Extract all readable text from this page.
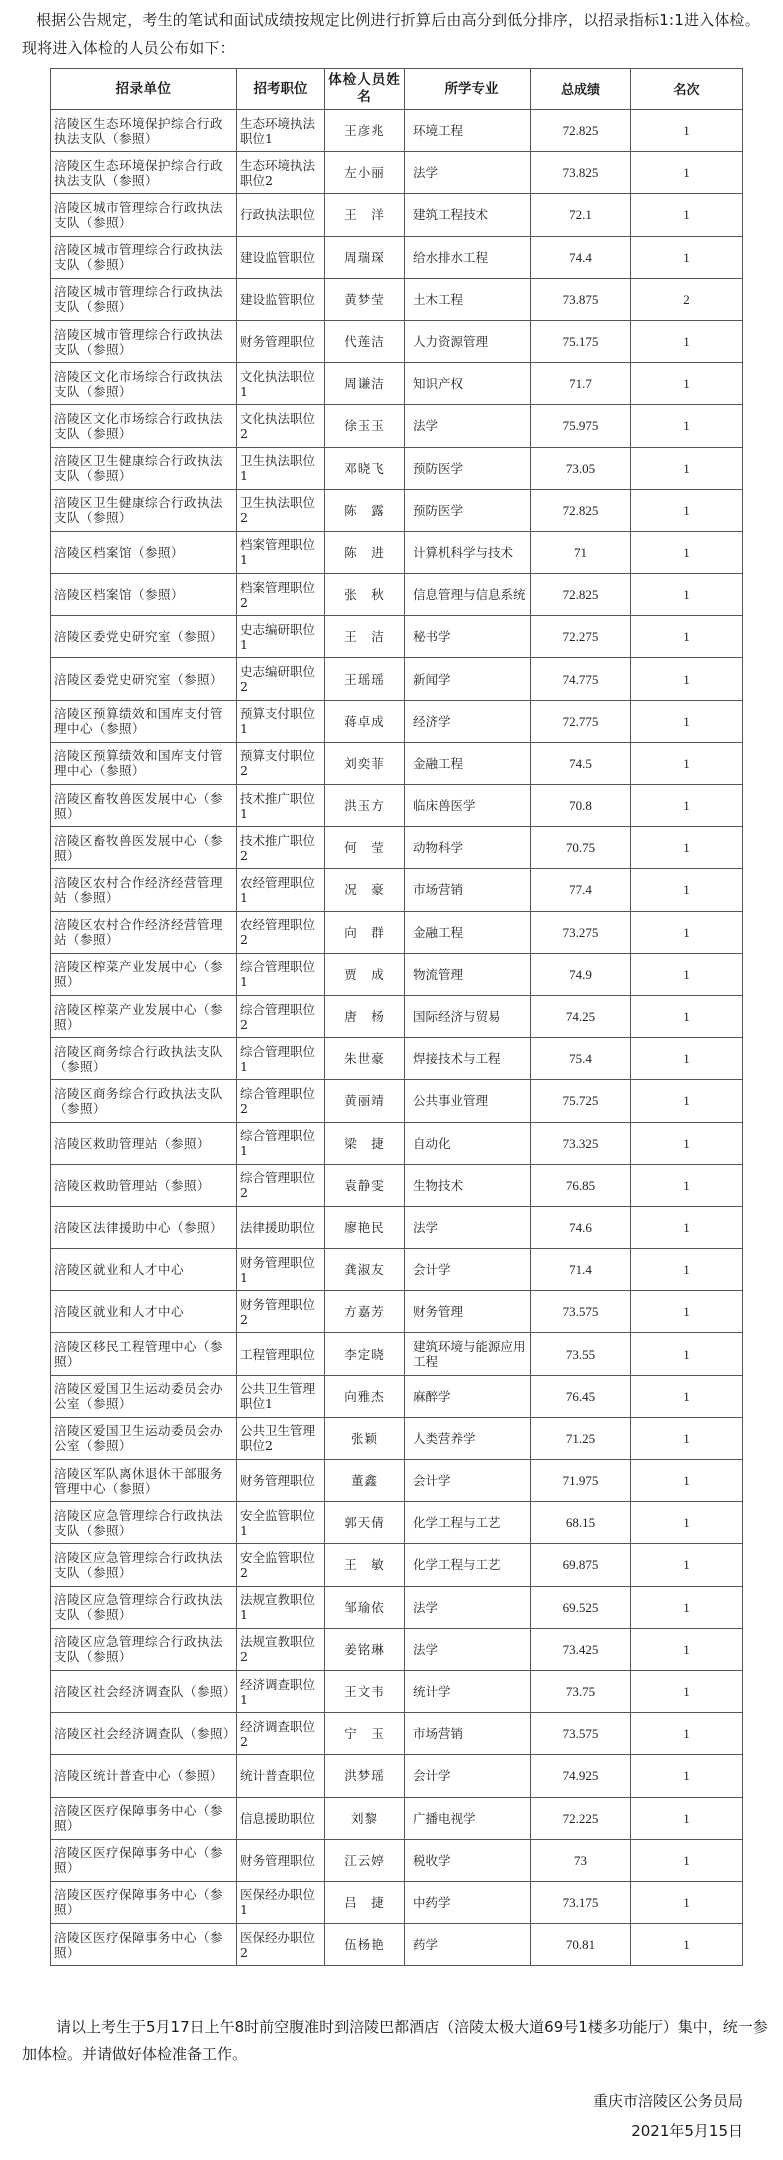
根据公告规定，考生的笔试和面试成绩按规定比例进行折算后由高分到低分排序，以招录指标1:1进入体检。现将进入体检的人员公布如下：

招录单位	招考职位	体检人员姓名	所学专业	总成绩	名次
涪陵区生态环境保护综合行政执法支队（参照）	生态环境执法职位1	王彦兆	环境工程	72.825	1
涪陵区生态环境保护综合行政执法支队（参照）	生态环境执法职位2	左小丽	法学	73.825	1
涪陵区城市管理综合行政执法支队（参照）	行政执法职位	王　洋	建筑工程技术	72.1	1
涪陵区城市管理综合行政执法支队（参照）	建设监管职位	周瑞琛	给水排水工程	74.4	1
涪陵区城市管理综合行政执法支队（参照）	建设监管职位	黄梦莹	土木工程	73.875	2
涪陵区城市管理综合行政执法支队（参照）	财务管理职位	代莲洁	人力资源管理	75.175	1
涪陵区文化市场综合行政执法支队（参照）	文化执法职位1	周谦洁	知识产权	71.7	1
涪陵区文化市场综合行政执法支队（参照）	文化执法职位2	徐玉玉	法学	75.975	1
涪陵区卫生健康综合行政执法支队（参照）	卫生执法职位1	邓晓飞	预防医学	73.05	1
涪陵区卫生健康综合行政执法支队（参照）	卫生执法职位2	陈　露	预防医学	72.825	1
涪陵区档案馆（参照）	档案管理职位1	陈　进	计算机科学与技术	71	1
涪陵区档案馆（参照）	档案管理职位2	张　秋	信息管理与信息系统	72.825	1
涪陵区委党史研究室（参照）	史志编研职位1	王　洁	秘书学	72.275	1
涪陵区委党史研究室（参照）	史志编研职位2	王瑶瑶	新闻学	74.775	1
涪陵区预算绩效和国库支付管理中心（参照）	预算支付职位1	蒋卓成	经济学	72.775	1
涪陵区预算绩效和国库支付管理中心（参照）	预算支付职位2	刘奕菲	金融工程	74.5	1
涪陵区畜牧兽医发展中心（参照）	技术推广职位1	洪玉方	临床兽医学	70.8	1
涪陵区畜牧兽医发展中心（参照）	技术推广职位2	何　莹	动物科学	70.75	1
涪陵区农村合作经济经营管理站（参照）	农经管理职位1	况　豪	市场营销	77.4	1
涪陵区农村合作经济经营管理站（参照）	农经管理职位2	向　群	金融工程	73.275	1
涪陵区榨菜产业发展中心（参照）	综合管理职位1	贾　成	物流管理	74.9	1
涪陵区榨菜产业发展中心（参照）	综合管理职位2	唐　杨	国际经济与贸易	74.25	1
涪陵区商务综合行政执法支队（参照）	综合管理职位1	朱世豪	焊接技术与工程	75.4	1
涪陵区商务综合行政执法支队（参照）	综合管理职位2	黄丽靖	公共事业管理	75.725	1
涪陵区救助管理站（参照）	综合管理职位1	梁　捷	自动化	73.325	1
涪陵区救助管理站（参照）	综合管理职位2	袁静雯	生物技术	76.85	1
涪陵区法律援助中心（参照）	法律援助职位	廖艳民	法学	74.6	1
涪陵区就业和人才中心	财务管理职位1	龚淑友	会计学	71.4	1
涪陵区就业和人才中心	财务管理职位2	方嘉芳	财务管理	73.575	1
涪陵区移民工程管理中心（参照）	工程管理职位	李定晓	建筑环境与能源应用工程	73.55	1
涪陵区爱国卫生运动委员会办公室（参照）	公共卫生管理职位1	向雅杰	麻醉学	76.45	1
涪陵区爱国卫生运动委员会办公室（参照）	公共卫生管理职位2	张颖	人类营养学	71.25	1
涪陵区军队离休退休干部服务管理中心（参照）	财务管理职位	董鑫	会计学	71.975	1
涪陵区应急管理综合行政执法支队（参照）	安全监管职位1	郭天倩	化学工程与工艺	68.15	1
涪陵区应急管理综合行政执法支队（参照）	安全监管职位2	王　敏	化学工程与工艺	69.875	1
涪陵区应急管理综合行政执法支队（参照）	法规宣教职位1	邹瑜依	法学	69.525	1
涪陵区应急管理综合行政执法支队（参照）	法规宣教职位2	姜铭琳	法学	73.425	1
涪陵区社会经济调查队（参照）	经济调查职位1	王文韦	统计学	73.75	1
涪陵区社会经济调查队（参照）	经济调查职位2	宁　玉	市场营销	73.575	1
涪陵区统计普查中心（参照）	统计普查职位	洪梦瑶	会计学	74.925	1
涪陵区医疗保障事务中心（参照）	信息援助职位	刘黎	广播电视学	72.225	1
涪陵区医疗保障事务中心（参照）	财务管理职位	江云婷	税收学	73	1
涪陵区医疗保障事务中心（参照）	医保经办职位1	吕　捷	中药学	73.175	1
涪陵区医疗保障事务中心（参照）	医保经办职位2	伍杨艳	药学	70.81	1

请以上考生于5月17日上午8时前空腹准时到涪陵巴都酒店（涪陵太极大道69号1楼多功能厅）集中，统一参加体检。并请做好体检准备工作。

重庆市涪陵区公务员局
2021年5月15日
